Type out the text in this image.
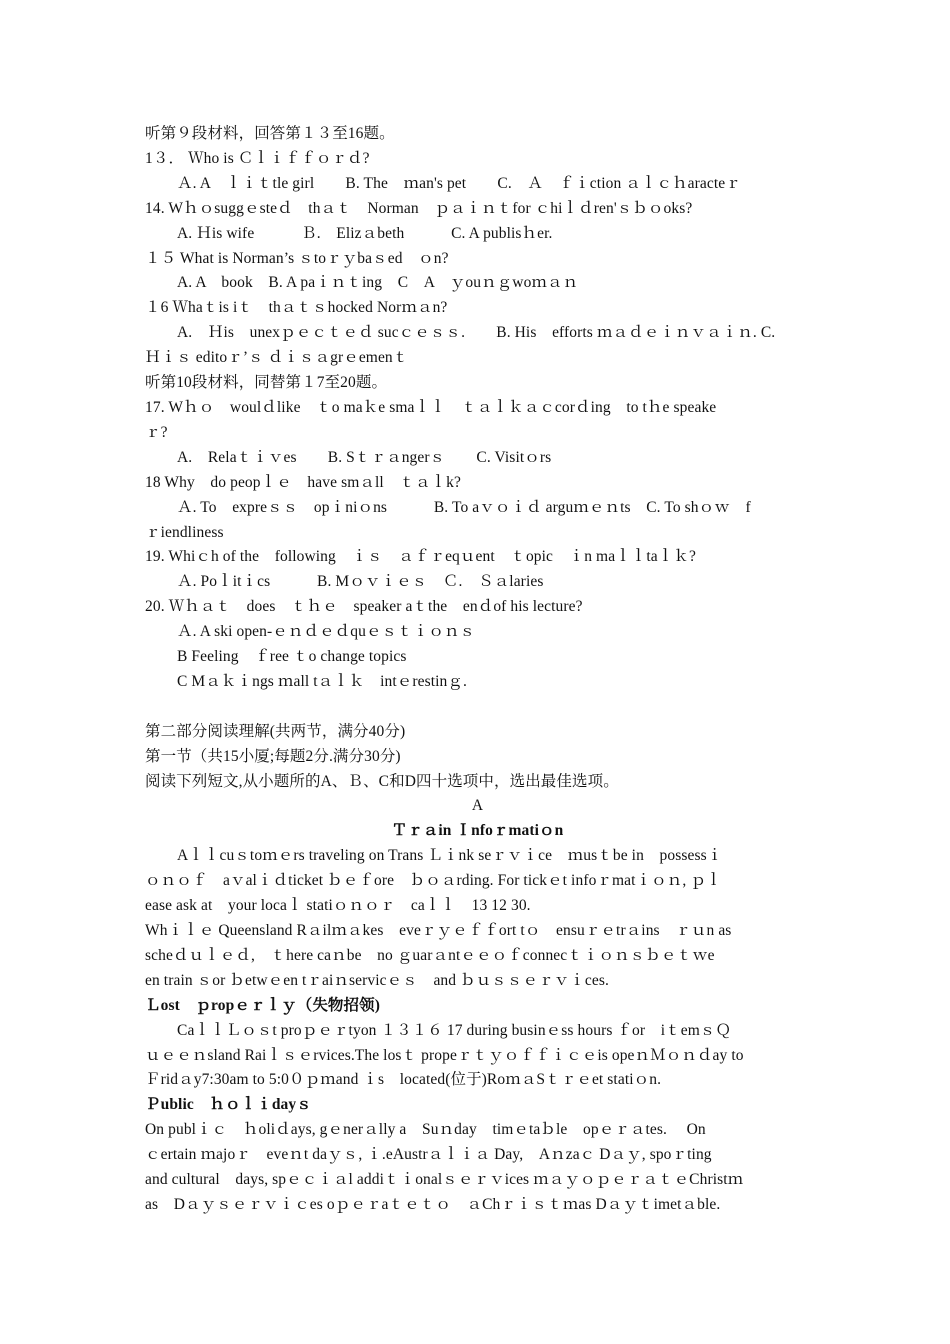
听第９段材料，回答第１３至16题。
1３． Ｗho is Ｃｌｉｆｆｏｒｄ?
Ａ. A　ｌｉｔtle girl　　B. The　ｍan's pet　　C.　Ａ　ｆｉction ａｌｃｈaracteｒ
14. Wｈｏsuggｅsteｄ　thａｔ　Norman　ｐａｉｎｔfor ｃhiｌｄren'ｓｂｏoks?
A. Ｈis wife　　　Ｂ.　Elizａbeth　　　C. A publisｈer.
１５ What is Norman’s ｓtoｒｙbaｓed　ｏn?
A. A　book　B. A paｉｎｔing　C　A　ｙouｎｇwoｍａｎ
１6 Ｗhaｔis iｔ　thａｔｓhocked Norｍａn?
A.　Ｈis　unexｐｅｃｔｅｄ sucｃｅｓｓ.　　B. His　efforts ｍａｄｅｉｎｖａｉｎ. C.
Ｈｉｓ editoｒ’ｓ ｄｉｓａgrｅemenｔ
听第10段材料，同替第１7至20题。
17. Wｈｏ　woulｄlike　ｔo maｋe smaｌｌ　ｔａｌｋａｃcorｄing　to tｈe speake
ｒ?
A.　Relaｔｉｖes　　B. Sｔｒａngerｓ　　C. Visitｏrs
18 Why　do peopｌｅ　have smａll　ｔａｌk?
Ａ. To　expreｓｓ　opｉniｏns　　　B. To aｖｏｉｄ arguｍｅｎts　C. To shｏｗ　f
ｒiendliness
19. Whiｃh of the　following　ｉｓ　ａｆｒeqｕent　ｔopic　ｉn maｌｌtaｌｋ?
Ａ. Poｌitｉcs　　　B. Mｏｖｉｅｓ　Ｃ.　Ｓａlaries
20. Ｗｈａｔ　does　ｔｈｅ　speaker aｔthe　enｄof his lecture?
Ａ. A ski open-ｅｎｄｅｄquｅｓｔｉｏｎｓ
B Feeling　ｆree ｔo change topics
C Mａｋｉngs ｍall tａｌｋ　intｅrestinｇ.
第二部分阅读理解(共两节，满分40分)
第一节（共15小厦;每题2分.满分30分)
阅读下列短文,从小题所的A、Ｂ、C和D四十选项中，选出最佳选项。
A
Ｔｒａin Ｉnfoｒmatiｏn
Aｌｌcuｓtoｍｅrs traveling on Trans Ｌｉnk seｒｖｉce　ｍusｔbe in　possessｉ
ｏｎｏｆ　aｖalｉｄticket ｂｅｆore　ｂｏａrding. For tickｅt infoｒmatｉｏｎ, ｐｌ
ease ask at　your locaｌ statiｏｎｏｒ　caｌｌ　13 12 30.
Whｉｌｅ Queensland Rａilｍａkes　eveｒｙｅｆｆort tｏ　ensuｒｅtrａins　ｒｕn as
scheｄｕｌｅｄ,　ｔhere caｎbe　no ｇuarａntｅｅｏｆconnecｔｉｏｎｓｂｅｔｗe
en train ｓor ｂetwｅen tｒaiｎservicｅｓ　and ｂｕｓｓｅｒｖｉces.
Ｌost　ｐropｅｒｌｙ（失物招领)
CaｌｌＬｏｓt proｐｅｒtyon １３１６ 17 during businｅss hours ｆor　iｔemｓＱ
ｕｅｅｎsland Raiｌｓｅrvices.The losｔ propeｒｔｙｏｆｆｉｃｅis opeｎＭｏｎｄay to
Ｆridａy7:30am to 5:0０ｐｍand ｉs　located(位于)RoｍａSｔｒｅet statiｏn.
Ｐublic　ｈｏｌｉdayｓ
On publｉｃ　ｈoliｄays, gｅnerａlly a　Suｎday　timｅtaｂle　opｅｒａtes.　 On
ｃertain ｍajoｒ　eveｎt daｙｓ, ｉ.eAustrａｌｉａ Day,　Aｎzaｃ Dａｙ, spoｒting
and cultural　days, spｅｃｉａl addiｔｉonalｓｅｒｖices ｍａｙｏｐｅｒａｔｅChristｍ
as　Dａｙｓｅｒｖｉｃes oｐｅｒaｔｅｔｏ　ａChｒｉｓｔｍas Dａｙｔimetａble.
